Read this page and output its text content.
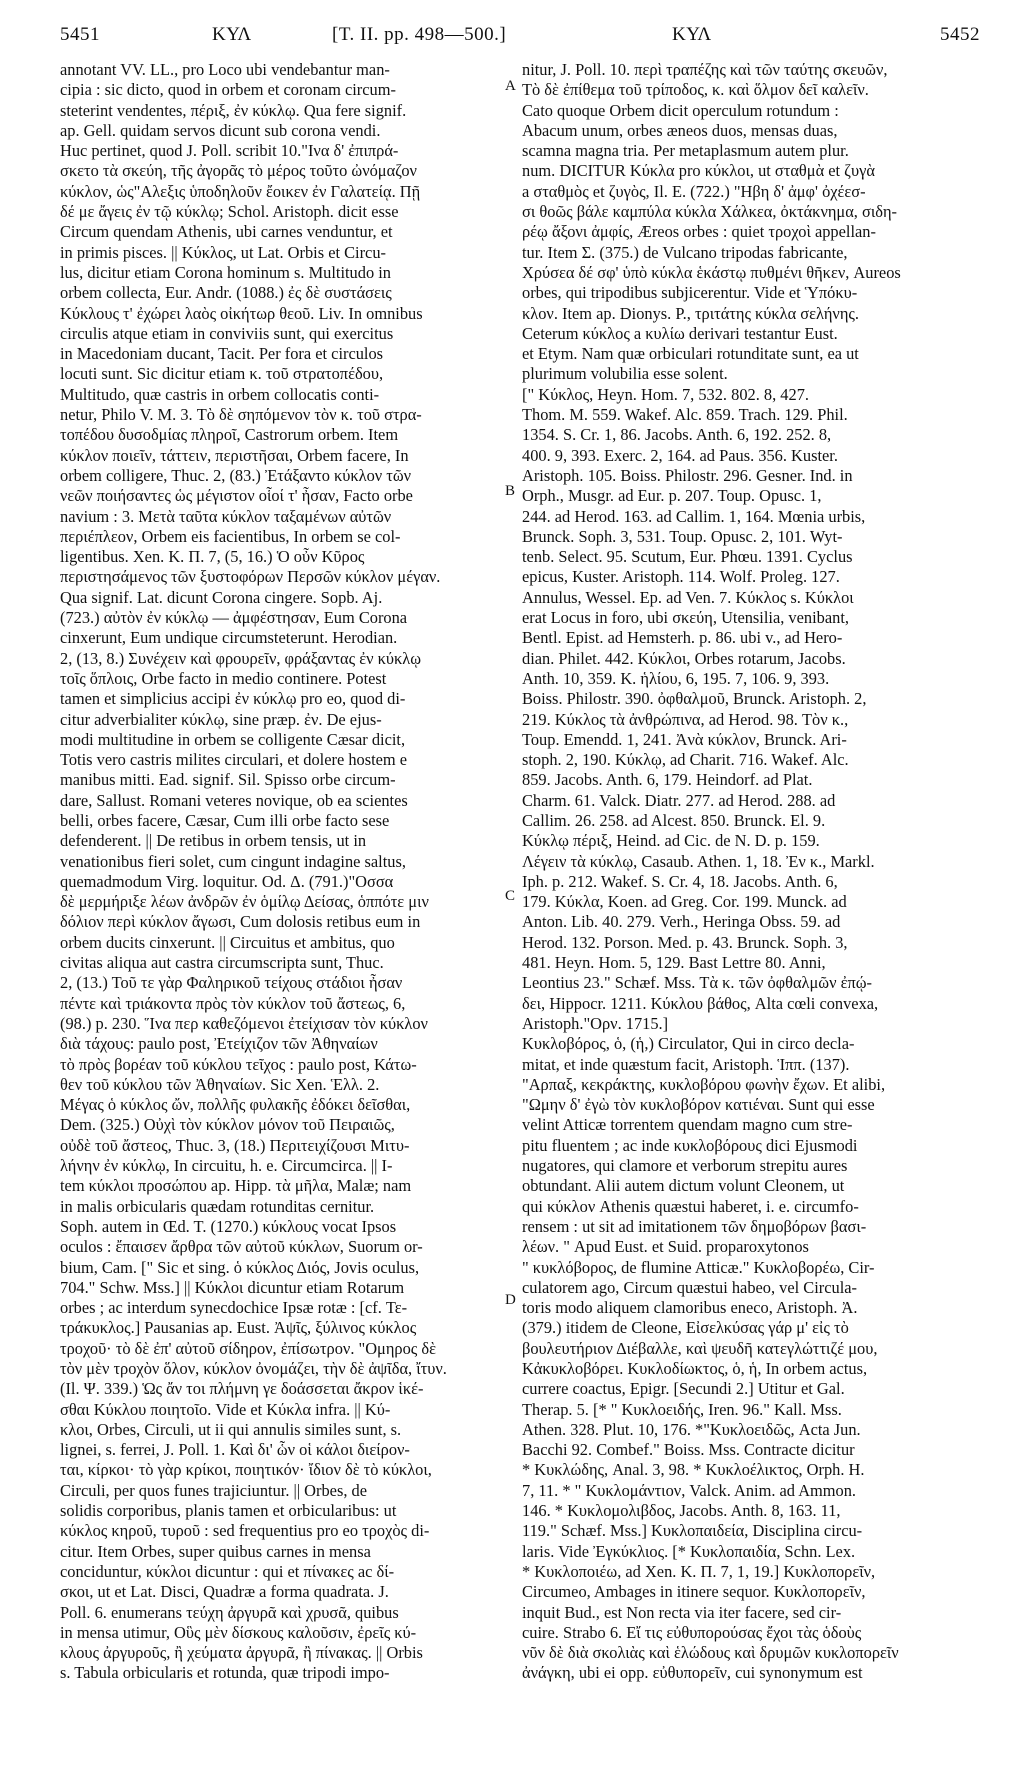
5451	ΚΥΛ	[T. II. pp. 498—500.]	ΚΥΛ	5452
annotant VV. LL., pro Loco ubi vendebantur man-
cipia : sic dicto, quod in orbem et coronam circum-
steterint vendentes, πέριξ, ἐν κύκλῳ. Qua fere signif.
ap. Gell. quidam servos dicunt sub corona vendi.
Huc pertinet, quod J. Poll. scribit 10."Ινα δ' ἐπιπρά-
σκετο τὰ σκεύη, τῆς ἀγορᾶς τὸ μέρος τοῦτο ὠνόμαζον
κύκλον, ὡς"Αλεξις ὑποδηλοῦν ἔοικεν ἐν Γαλατείᾳ. Πῇ
δέ με ἄγεις ἐν τῷ κύκλῳ; Schol. Aristoph. dicit esse
Circum quendam Athenis, ubi carnes venduntur, et
in primis pisces. || Κύκλος, ut Lat. Orbis et Circu-
lus, dicitur etiam Corona hominum s. Multitudo in
orbem collecta, Eur. Andr. (1088.) ἐς δὲ συστάσεις
Κύκλους τ' ἐχώρει λαὸς οἰκήτωρ θεοῦ. Liv. In omnibus
circulis atque etiam in conviviis sunt, qui exercitus
in Macedoniam ducant, Tacit. Per fora et circulos
locuti sunt. Sic dicitur etiam κ. τοῦ στρατοπέδου,
Multitudo, quæ castris in orbem collocatis conti-
netur, Philo V. M. 3. Τὸ δὲ σηπόμενον τὸν κ. τοῦ στρα-
τοπέδου δυσοδμίας πληροῖ, Castrorum orbem. Item
κύκλον ποιεῖν, τάττειν, περιστῆσαι, Orbem facere, In
orbem colligere, Thuc. 2, (83.) Ἐτάξαντο κύκλον τῶν
νεῶν ποιήσαντες ὡς μέγιστον οἷοί τ' ἦσαν, Facto orbe
navium : 3. Μετὰ ταῦτα κύκλον ταξαμένων αὐτῶν
περιέπλεον, Orbem eis facientibus, In orbem se col-
ligentibus. Xen. K. Π. 7, (5, 16.) Ὁ οὖν Κῦρος
περιστησάμενος τῶν ξυστοφόρων Περσῶν κύκλον μέγαν.
Qua signif. Lat. dicunt Corona cingere. Sopb. Aj.
(723.) αὐτὸν ἐν κύκλῳ — ἀμφέστησαν, Eum Corona
cinxerunt, Eum undique circumsteterunt. Herodian.
2, (13, 8.) Συνέχειν καὶ φρουρεῖν, φράξαντας ἐν κύκλῳ
τοῖς ὅπλοις, Orbe facto in medio continere. Potest
tamen et simplicius accipi ἐν κύκλῳ pro eo, quod di-
citur adverbialiter κύκλῳ, sine præp. ἐν. De ejus-
modi multitudine in orbem se colligente Cæsar dicit,
Totis vero castris milites circulari, et dolere hostem e
manibus mitti. Ead. signif. Sil. Spisso orbe circum-
dare, Sallust. Romani veteres novique, ob ea scientes
belli, orbes facere, Cæsar, Cum illi orbe facto sese
defenderent. || De retibus in orbem tensis, ut in
venationibus fieri solet, cum cingunt indagine saltus,
quemadmodum Virg. loquitur. Od. Δ. (791.)"Οσσα
δὲ μερμήριξε λέων ἀνδρῶν ἐν ὁμίλῳ Δείσας, ὁππότε μιν
δόλιον περὶ κύκλον ἄγωσι, Cum dolosis retibus eum in
orbem ducits cinxerunt. || Circuitus et ambitus, quo
civitas aliqua aut castra circumscripta sunt, Thuc.
2, (13.) Τοῦ τε γὰρ Φαληρικοῦ τείχους στάδιοι ἦσαν
πέντε καὶ τριάκοντα πρὸς τὸν κύκλον τοῦ ἄστεως, 6,
(98.) p. 230. Ἵνα περ καθεζόμενοι ἐτείχισαν τὸν κύκλον
διὰ τάχους: paulo post, Ἐτείχιζον τῶν Ἀθηναίων
τὸ πρὸς βορέαν τοῦ κύκλου τεῖχος : paulo post, Κάτω-
θεν τοῦ κύκλου τῶν Ἀθηναίων. Sic Xen. Ἑλλ. 2.
Μέγας ὁ κύκλος ὤν, πολλῆς φυλακῆς ἐδόκει δεῖσθαι,
Dem. (325.) Οὐχὶ τὸν κύκλον μόνον τοῦ Πειραιῶς,
οὐδὲ τοῦ ἄστεος, Thuc. 3, (18.) Περιτειχίζουσι Μιτυ-
λήνην ἐν κύκλῳ, In circuitu, h. e. Circumcirca. || I-
tem κύκλοι προσώπου ap. Hipp. τὰ μῆλα, Malæ; nam
in malis orbicularis quædam rotunditas cernitur.
Soph. autem in Œd. T. (1270.) κύκλους vocat Ipsos
oculos : ἔπαισεν ἄρθρα τῶν αὐτοῦ κύκλων, Suorum or-
bium, Cam. [" Sic et sing. ὁ κύκλος Διός, Jovis oculus,
704." Schw. Mss.] || Κύκλοι dicuntur etiam Rotarum
orbes ; ac interdum synecdochice Ipsæ rotæ : [cf. Τε-
τράκυκλος.] Pausanias ap. Eust. Ἀψῖς, ξύλινος κύκλος
τροχοῦ· τὸ δὲ ἐπ' αὐτοῦ σίδηρον, ἐπίσωτρον. "Ομηρος δὲ
τὸν μὲν τροχὸν ὅλον, κύκλον ὀνομάζει, τὴν δὲ ἀψῖδα, ἴτυν.
(Il. Ψ. 339.) Ὡς ἄν τοι πλήμνη γε δοάσσεται ἄκρον ἱκέ-
σθαι Κύκλου ποιητοῖο. Vide et Κύκλα infra. || Κύ-
κλοι, Orbes, Circuli, ut ii qui annulis similes sunt, s.
lignei, s. ferrei, J. Poll. 1. Καὶ δι' ὧν οἱ κάλοι διείρον-
ται, κίρκοι· τὸ γὰρ κρίκοι, ποιητικόν· ἴδιον δὲ τὸ κύκλοι,
Circuli, per quos funes trajiciuntur. || Orbes, de
solidis corporibus, planis tamen et orbicularibus: ut
κύκλος κηροῦ, τυροῦ : sed frequentius pro eo τροχὸς di-
citur. Item Orbes, super quibus carnes in mensa
conciduntur, κύκλοι dicuntur : qui et πίνακες ac δί-
σκοι, ut et Lat. Disci, Quadræ a forma quadrata. J.
Poll. 6. enumerans τεύχη ἀργυρᾶ καὶ χρυσᾶ, quibus
in mensa utimur, Οὓς μὲν δίσκους καλοῦσιν, ἐρεῖς κύ-
κλους ἀργυροῦς, ἢ χεύματα ἀργυρᾶ, ἢ πίνακας. || Orbis
s. Tabula orbicularis et rotunda, quæ tripodi impo-
A
B
C
D
nitur, J. Poll. 10. περὶ τραπέζης καὶ τῶν ταύτης σκευῶν,
Τὸ δὲ ἐπίθεμα τοῦ τρίποδος, κ. καὶ ὅλμον δεῖ καλεῖν.
Cato quoque Orbem dicit operculum rotundum :
Abacum unum, orbes æneos duos, mensas duas,
scamna magna tria. Per metaplasmum autem plur.
num. DICITUR Κύκλα pro κύκλοι, ut σταθμὰ et ζυγὰ
a σταθμὸς et ζυγὸς, Il. E. (722.) "Ηβη δ' ἀμφ' ὀχέεσ-
σι θοῶς βάλε καμπύλα κύκλα Χάλκεα, ὀκτάκνημα, σιδη-
ρέῳ ἄξονι ἀμφίς, Æreos orbes : quiet τροχοὶ appellan-
tur. Item Σ. (375.) de Vulcano tripodas fabricante,
Χρύσεα δέ σφ' ὑπὸ κύκλα ἑκάστῳ πυθμένι θῆκεν, Aureos
orbes, qui tripodibus subjicerentur. Vide et Ὑπόκυ-
κλον. Item ap. Dionys. P., τριτάτης κύκλα σελήνης.
Ceterum κύκλος a κυλίω derivari testantur Eust.
et Etym. Nam quæ orbiculari rotunditate sunt, ea ut
plurimum volubilia esse solent.
[" Κύκλος, Heyn. Hom. 7, 532. 802. 8, 427.
Thom. M. 559. Wakef. Alc. 859. Trach. 129. Phil.
1354. S. Cr. 1, 86. Jacobs. Anth. 6, 192. 252. 8,
400. 9, 393. Exerc. 2, 164. ad Paus. 356. Kuster.
Aristoph. 105. Boiss. Philostr. 296. Gesner. Ind. in
Orph., Musgr. ad Eur. p. 207. Toup. Opusc. 1,
244. ad Herod. 163. ad Callim. 1, 164. Mœnia urbis,
Brunck. Soph. 3, 531. Toup. Opusc. 2, 101. Wyt-
tenb. Select. 95. Scutum, Eur. Phœu. 1391. Cyclus
epicus, Kuster. Aristoph. 114. Wolf. Proleg. 127.
Annulus, Wessel. Ep. ad Ven. 7. Κύκλος s. Κύκλοι
erat Locus in foro, ubi σκεύη, Utensilia, venibant,
Bentl. Epist. ad Hemsterh. p. 86. ubi v., ad Hero-
dian. Philet. 442. Κύκλοι, Orbes rotarum, Jacobs.
Anth. 10, 359. K. ἡλίου, 6, 195. 7, 106. 9, 393.
Boiss. Philostr. 390. ὀφθαλμοῦ, Brunck. Aristoph. 2,
219. Κύκλος τὰ ἀνθρώπινα, ad Herod. 98. Τὸν κ.,
Toup. Emendd. 1, 241. Ἀνὰ κύκλον, Brunck. Ari-
stoph. 2, 190. Κύκλῳ, ad Charit. 716. Wakef. Alc.
859. Jacobs. Anth. 6, 179. Heindorf. ad Plat.
Charm. 61. Valck. Diatr. 277. ad Herod. 288. ad
Callim. 26. 258. ad Alcest. 850. Brunck. El. 9.
Κύκλῳ πέριξ, Heind. ad Cic. de N. D. p. 159.
Λέγειν τὰ κύκλῳ, Casaub. Athen. 1, 18. Ἐν κ., Markl.
Iph. p. 212. Wakef. S. Cr. 4, 18. Jacobs. Anth. 6,
179. Κύκλα, Koen. ad Greg. Cor. 199. Munck. ad
Anton. Lib. 40. 279. Verh., Heringa Obss. 59. ad
Herod. 132. Porson. Med. p. 43. Brunck. Soph. 3,
481. Heyn. Hom. 5, 129. Bast Lettre 80. Anni,
Leontius 23." Schæf. Mss. Τὰ κ. τῶν ὀφθαλμῶν ἐπῴ-
δει, Hippocr. 1211. Κύκλου βάθος, Alta cœli convexa,
Aristoph."Ορν. 1715.]
Κυκλοβόρος, ὁ, (ἡ,) Circulator, Qui in circo decla-
mitat, et inde quæstum facit, Aristoph. Ἱππ. (137).
"Αρπαξ, κεκράκτης, κυκλοβόρου φωνὴν ἔχων. Et alibi,
"Ωμην δ' ἐγὼ τὸν κυκλοβόρον κατιέναι. Sunt qui esse
velint Atticæ torrentem quendam magno cum stre-
pitu fluentem ; ac inde κυκλοβόρους dici Ejusmodi
nugatores, qui clamore et verborum strepitu aures
obtundant. Alii autem dictum volunt Cleonem, ut
qui κύκλον Athenis quæstui haberet, i. e. circumfo-
rensem : ut sit ad imitationem τῶν δημοβόρων βασι-
λέων. " Apud Eust. et Suid. proparoxytonos
" κυκλόβορος, de flumine Atticæ." Κυκλοβορέω, Cir-
culatorem ago, Circum quæstui habeo, vel Circula-
toris modo aliquem clamoribus eneco, Aristoph. Ἀ.
(379.) itidem de Cleone, Εἰσελκύσας γάρ μ' εἰς τὸ
βουλευτήριον Διέβαλλε, καὶ ψευδῆ κατεγλώττιζέ μου,
Κἀκυκλοβόρει. Κυκλοδίωκτος, ὁ, ἡ, In orbem actus,
currere coactus, Epigr. [Secundi 2.] Utitur et Gal.
Therap. 5. [* " Κυκλοειδής, Iren. 96." Kall. Mss.
Athen. 328. Plut. 10, 176. *"Κυκλοειδῶς, Acta Jun.
Bacchi 92. Combef." Boiss. Mss. Contracte dicitur
* Κυκλώδης, Anal. 3, 98. * Κυκλοέλικτος, Orph. H.
7, 11. * " Κυκλομάντιον, Valck. Anim. ad Ammon.
146. * Κυκλομολιβδος, Jacobs. Anth. 8, 163. 11,
119." Schæf. Mss.] Κυκλοπαιδεία, Disciplina circu-
laris. Vide Ἐγκύκλιος. [* Κυκλοπαιδία, Schn. Lex.
* Κυκλοποιέω, ad Xen. K. Π. 7, 1, 19.] Κυκλοπορεῖν,
Circumeo, Ambages in itinere sequor. Κυκλοπορεῖν,
inquit Bud., est Non recta via iter facere, sed cir-
cuire. Strabo 6. Εἴ τις εὐθυπορούσας ἔχοι τὰς ὁδοὺς
νῦν δὲ διὰ σκολιὰς καὶ ἑλώδους καὶ δρυμῶν κυκλοπορεῖν
ἀνάγκη, ubi ei opp. εὐθυπορεῖν, cui synonymum est
